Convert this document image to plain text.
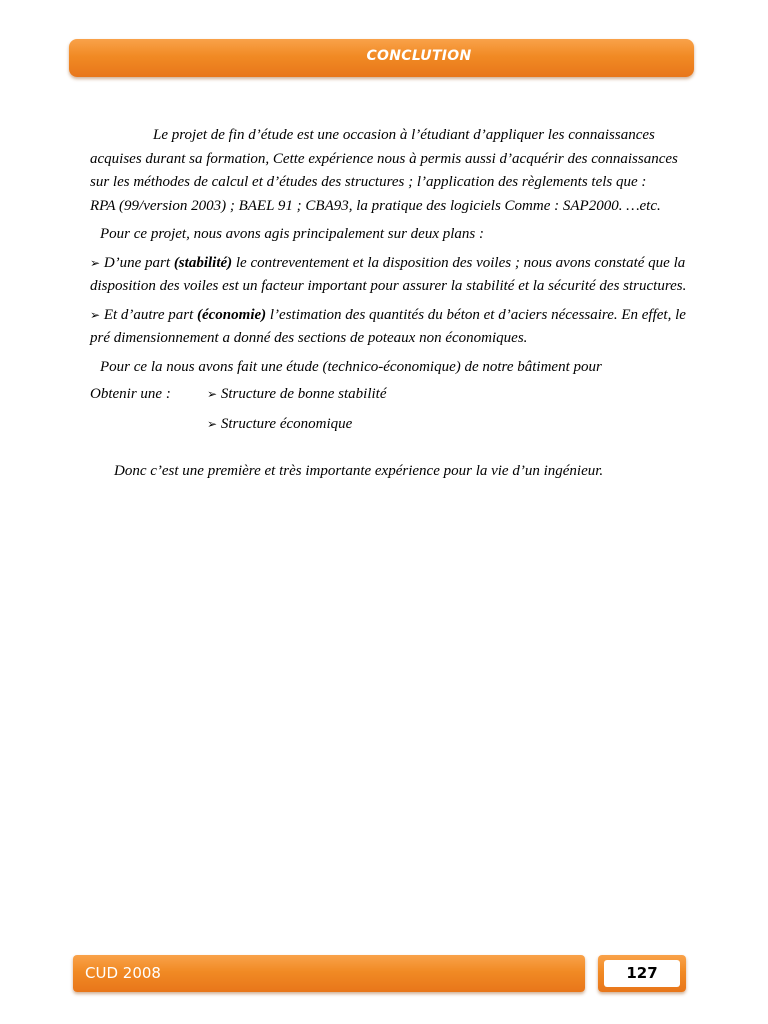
CONCLUTION

Le projet de fin d’étude est une occasion à l’étudiant d’appliquer les connaissances acquises durant sa formation, Cette expérience nous à permis aussi d’acquérir des connaissances sur les méthodes de calcul et d’études des structures ; l’application des règlements tels que :

RPA (99/version 2003) ; BAEL 91 ; CBA93, la pratique des logiciels Comme : SAP2000. …etc.

Pour ce projet, nous avons agis principalement sur deux plans :

➢ D’une part (stabilité) le contreventement et la disposition des voiles ; nous avons constaté que la disposition des voiles est un facteur important pour assurer la stabilité et la sécurité des structures.

➢ Et d’autre part (économie) l’estimation des quantités du béton et d’aciers nécessaire. En effet, le pré dimensionnement a donné des sections de poteaux non économiques.

Pour ce la nous avons fait une étude (technico-économique) de notre bâtiment pour

Obtenir une :	➢ Structure de bonne stabilité
➢ Structure économique

Donc c’est une première et très importante expérience pour la vie d’un ingénieur.

CUD 2008	127
